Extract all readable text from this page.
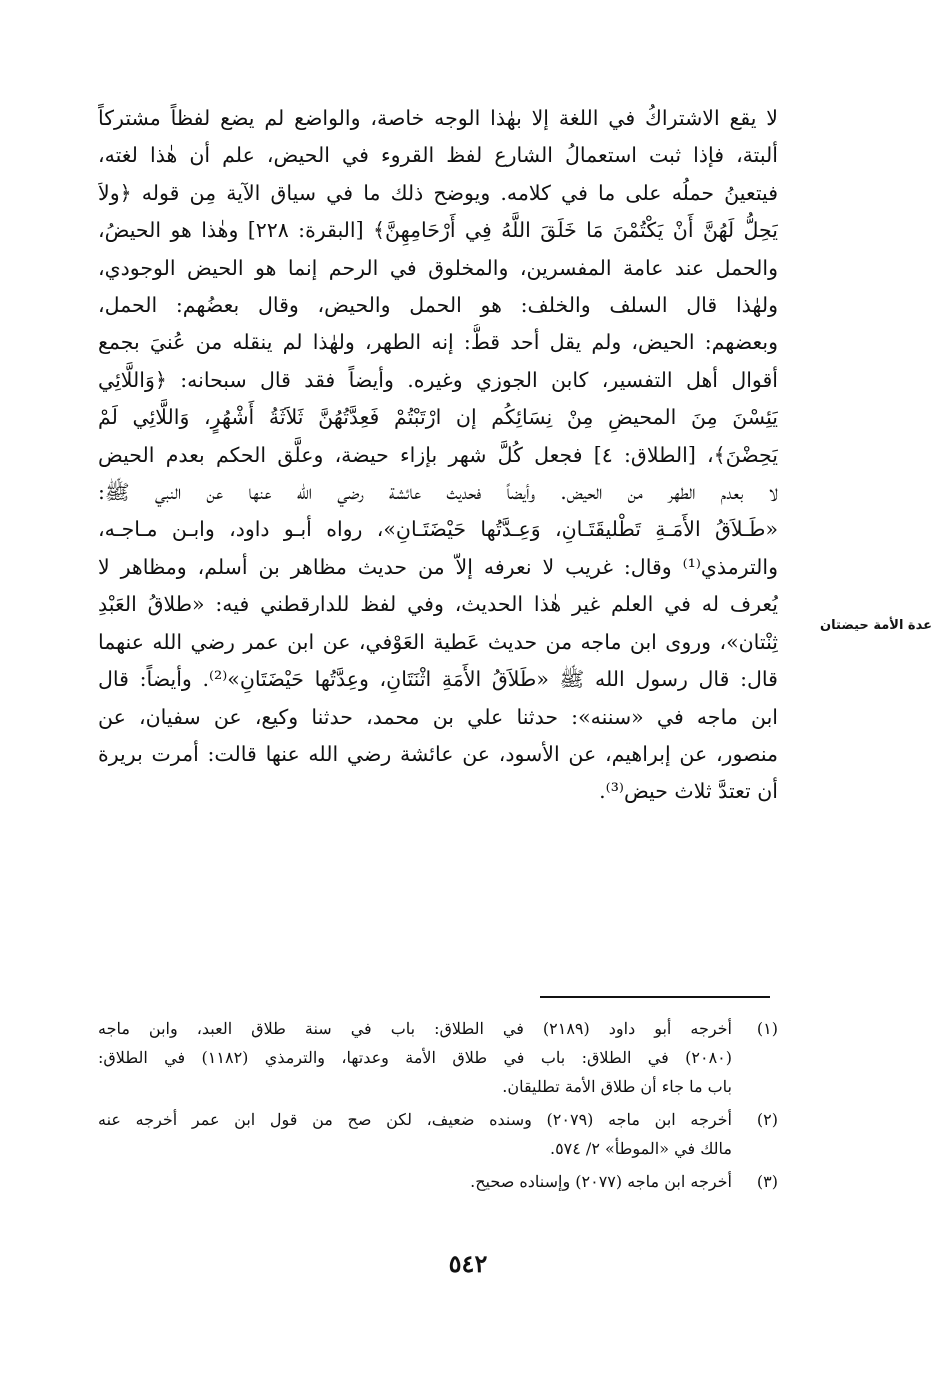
لا يقع الاشتراكُ في اللغة إلا بهٰذا الوجه خاصة، والواضع لم يضع لفظاً مشتركاً
ألبتة، فإذا ثبت استعمالُ الشارع لفظ القروء في الحيض، علم أن هٰذا لغته،
فيتعينُ حملُه على ما في كلامه. ويوضح ذلك ما في سياق الآية مِن قوله ﴿ولاَ
يَحِلُّ لَهُنَّ أَنْ يَكْتُمْنَ مَا خَلَقَ اللَّهُ فِي أَرْحَامِهِنَّ﴾ [البقرة: ٢٢٨] وهٰذا هو الحيضُ،
والحمل عند عامة المفسرين، والمخلوق في الرحم إنما هو الحيض الوجودي،
ولهٰذا قال السلف والخلف: هو الحمل والحيض، وقال بعضُهم: الحمل،
وبعضهم: الحيض، ولم يقل أحد قطُّ: إنه الطهر، ولهٰذا لم ينقله من عُنيَ بجمع
أقوال أهل التفسير، كابن الجوزي وغيره. وأيضاً فقد قال سبحانه: ﴿وَاللَّائِي
يَئِسْنَ مِنَ المحيضِ مِنْ نِسَائِكُم إن ارْتَبْتُمْ فَعِدَّتُهُنَّ ثَلاَثَةُ أَشْهُرٍ، وَاللَّائِي لَمْ
يَحِضْنَ﴾، [الطلاق: ٤] فجعل كُلَّ شهر بإزاء حيضة، وعلَّق الحكم بعدم الحيض
لا بعدم الطهر من الحيض. وأيضاً فحديث عائشة رضي الله عنها عن النبي ﷺ:
«طَـلاَقُ الأَمَـةِ تَطْليقَتَـانِ، وَعِـدَّتُها حَيْضَتَـانِ»، رواه أبـو داود، وابـن مـاجـه،
والترمذي⁽¹⁾ وقال: غريب لا نعرفه إلاّ من حديث مظاهر بن أسلم، ومظاهر لا
يُعرف له في العلم غير هٰذا الحديث، وفي لفظ للدارقطني فيه: «طلاقُ العَبْدِ
ثِنْتان»، وروى ابن ماجه من حديث عَطية العَوْفي، عن ابن عمر رضي الله عنهما
قال: قال رسول الله ﷺ «طَلاَقُ الأَمَةِ اثْنَتَانِ، وعِدَّتُها حَيْضَتَانِ»⁽²⁾. وأيضاً: قال
ابن ماجه في «سننه»: حدثنا علي بن محمد، حدثنا وكيع، عن سفيان، عن
منصور، عن إبراهيم، عن الأسود، عن عائشة رضي الله عنها قالت: أمرت بريرة
أن تعتدَّ ثلاث حيض⁽³⁾.
عدة الأمة حيضتان
(١)
أخرجه أبو داود (٢١٨٩) في الطلاق: باب في سنة طلاق العبد، وابن ماجه
(٢٠٨٠) في الطلاق: باب في طلاق الأمة وعدتها، والترمذي (١١٨٢) في الطلاق:
باب ما جاء أن طلاق الأمة تطليقان.
(٢)
أخرجه ابن ماجه (٢٠٧٩) وسنده ضعيف، لكن صح من قول ابن عمر أخرجه عنه
مالك في «الموطأ» ٢/ ٥٧٤.
(٣)
أخرجه ابن ماجه (٢٠٧٧) وإسناده صحيح.
٥٤٢
